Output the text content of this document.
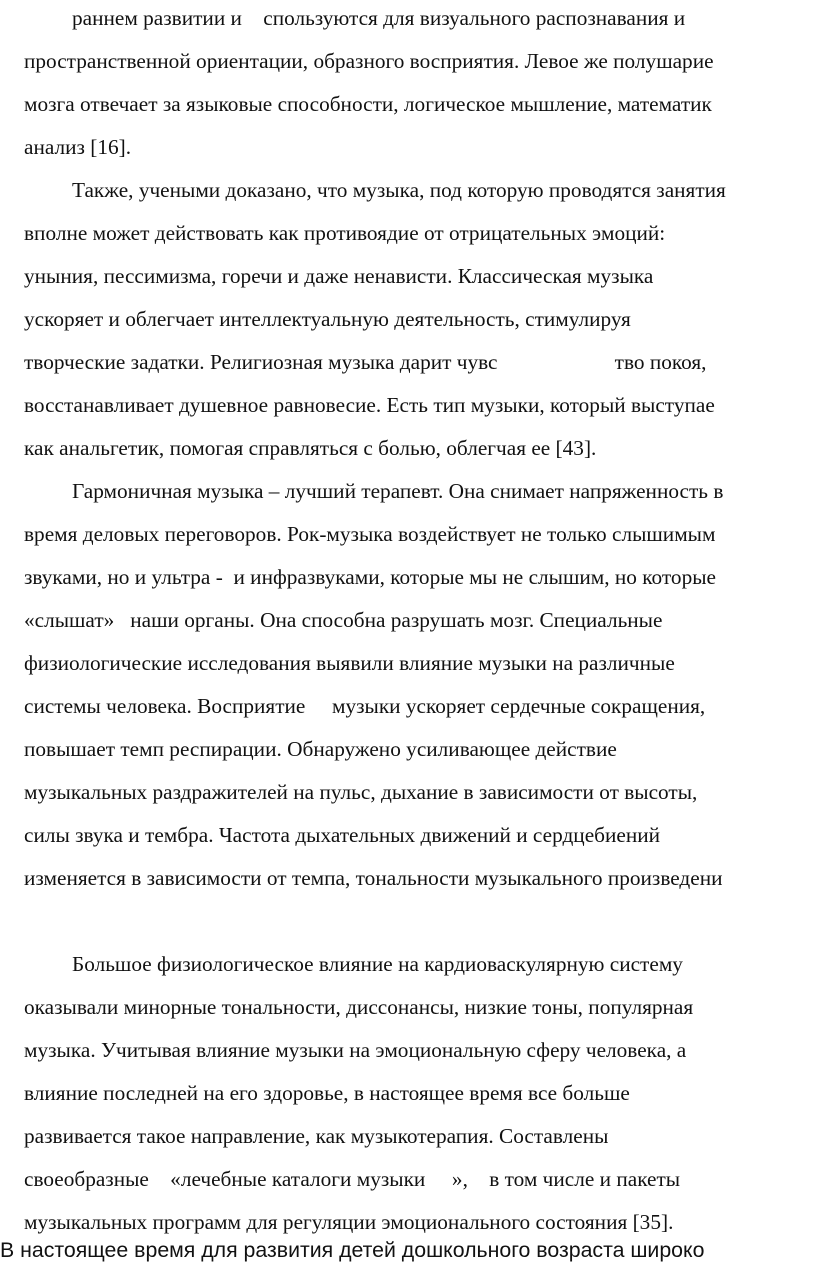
раннем развитии и    спользуются для визуального распознавания и
пространственной ориентации, образного восприятия. Левое же полушарие
мозга отвечает за языковые способности, логическое мышление, математик
анализ [16].
Также, учеными доказано, что музыка, под которую проводятся занятия
вполне может действовать как противоядие от отрицательных эмоций:
уныния, пессимизма, горечи и даже ненависти. Классическая музыка
ускоряет и облегчает интеллектуальную деятельность, стимулируя
творческие задатки. Религиозная музыка дарит чувс                      тво покоя,
восстанавливает душевное равновесие. Есть тип музыки, который выступае
как анальгетик, помогая справляться с болью, облегчая ее [43].
Гармоничная музыка – лучший терапевт. Она снимает напряженность в
время деловых переговоров. Рок-музыка воздействует не только слышимым
звуками, но и ультра -  и инфразвуками, которые мы не слышим, но которые
«слышат»   наши органы. Она способна разрушать мозг. Специальные
физиологические исследования выявили влияние музыки на различные
системы человека. Восприятие     музыки ускоряет сердечные сокращения,
повышает темп респирации. Обнаружено усиливающее действие
музыкальных раздражителей на пульс, дыхание в зависимости от высоты,
силы звука и тембра. Частота дыхательных движений и сердцебиений
изменяется в зависимости от темпа, тональности музыкального произведени
Большое физиологическое влияние на кардиоваскулярную систему
оказывали минорные тональности, диссонансы, низкие тоны, популярная
музыка. Учитывая влияние музыки на эмоциональную сферу человека, а
влияние последней на его здоровье, в настоящее время все больше
развивается такое направление, как музыкотерапия. Составлены
своеобразные    «лечебные каталоги музыки     »,    в том числе и пакеты
музыкальных программ для регуляции эмоционального состояния [35].
В настоящее время для развития детей дошкольного возраста широко
